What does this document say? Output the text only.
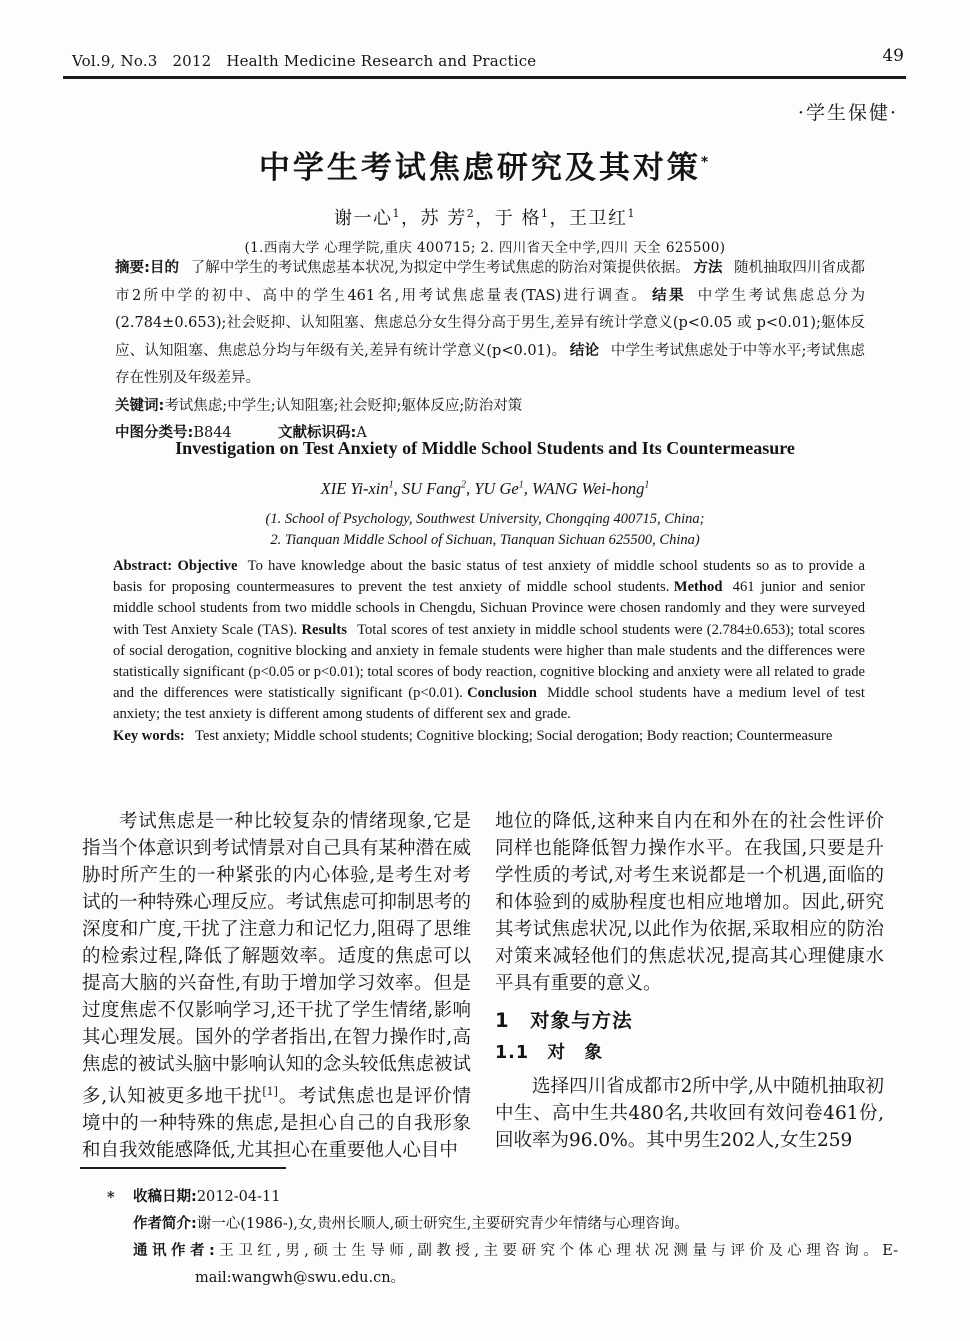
Vol.9, No.3   2012   Health Medicine Research and Practice	49
·学生保健·
中学生考试焦虑研究及其对策*
谢一心$^1$，苏 芳$^2$，于 格$^1$，王卫红$^1$
(1.西南大学 心理学院,重庆 400715; 2. 四川省天全中学,四川 天全 625500)

摘要:目的 了解中学生的考试焦虑基本状况,为拟定中学生考试焦虑的防治对策提供依据。 方法 随机抽取四川省成都市2所中学的初中、高中的学生461名,用考试焦虑量表(TAS)进行调查。 结果 中学生考试焦虑总分为(2.784±0.653);社会贬抑、认知阻塞、焦虑总分女生得分高于男生,差异有统计学意义(p<0.05 或 p<0.01);躯体反应、认知阻塞、焦虑总分均与年级有关,差异有统计学意义(p<0.01)。 结论 中学生考试焦虑处于中等水平;考试焦虑存在性别及年级差异。

关键词:考试焦虑;中学生;认知阻塞;社会贬抑;躯体反应;防治对策

中图分类号:B844	文献标识码:A

Investigation on Test Anxiety of Middle School Students and Its Countermeasure
XIE Yi-xin$^1$, SU Fang$^2$, YU Ge$^1$, WANG Wei-hong$^1$
(1. School of Psychology, Southwest University, Chongqing 400715, China;
2. Tianquan Middle School of Sichuan, Tianquan Sichuan 625500, China)

Abstract: Objective To have knowledge about the basic status of test anxiety of middle school students so as to provide a basis for proposing countermeasures to prevent the test anxiety of middle school students. Method 461 junior and senior middle school students from two middle schools in Chengdu, Sichuan Province were chosen randomly and they were surveyed with Test Anxiety Scale (TAS). Results Total scores of test anxiety in middle school students were (2.784±0.653); total scores of social derogation, cognitive blocking and anxiety in female students were higher than male students and the differences were statistically significant (p<0.05 or p<0.01); total scores of body reaction, cognitive blocking and anxiety were all related to grade and the differences were statistically significant (p<0.01). Conclusion Middle school students have a medium level of test anxiety; the test anxiety is different among students of different sex and grade.

Key words: Test anxiety; Middle school students; Cognitive blocking; Social derogation; Body reaction; Countermeasure

考试焦虑是一种比较复杂的情绪现象,它是指当个体意识到考试情景对自己具有某种潜在威胁时所产生的一种紧张的内心体验,是考生对考试的一种特殊心理反应。考试焦虑可抑制思考的深度和广度,干扰了注意力和记忆力,阻碍了思维的检索过程,降低了解题效率。适度的焦虑可以提高大脑的兴奋性,有助于增加学习效率。但是过度焦虑不仅影响学习,还干扰了学生情绪,影响其心理发展。国外的学者指出,在智力操作时,高焦虑的被试头脑中影响认知的念头较低焦虑被试多,认知被更多地干扰[1]。考试焦虑也是评价情境中的一种特殊的焦虑,是担心自己的自我形象和自我效能感降低,尤其担心在重要他人心目中

地位的降低,这种来自内在和外在的社会性评价同样也能降低智力操作水平。在我国,只要是升学性质的考试,对考生来说都是一个机遇,面临的和体验到的威胁程度也相应地增加。因此,研究其考试焦虑状况,以此作为依据,采取相应的防治对策来减轻他们的焦虑状况,提高其心理健康水平具有重要的意义。

1　对象与方法
1.1　对　象

选择四川省成都市2所中学,从中随机抽取初中生、高中生共480名,共收回有效问卷461份,回收率为96.0%。其中男生202人,女生259

* 收稿日期:2012-04-11
作者简介:谢一心(1986-),女,贵州长顺人,硕士研究生,主要研究青少年情绪与心理咨询。
通讯作者:王卫红,男,硕士生导师,副教授,主要研究个体心理状况测量与评价及心理咨询。E-mail:wangwh@swu.edu.cn。
